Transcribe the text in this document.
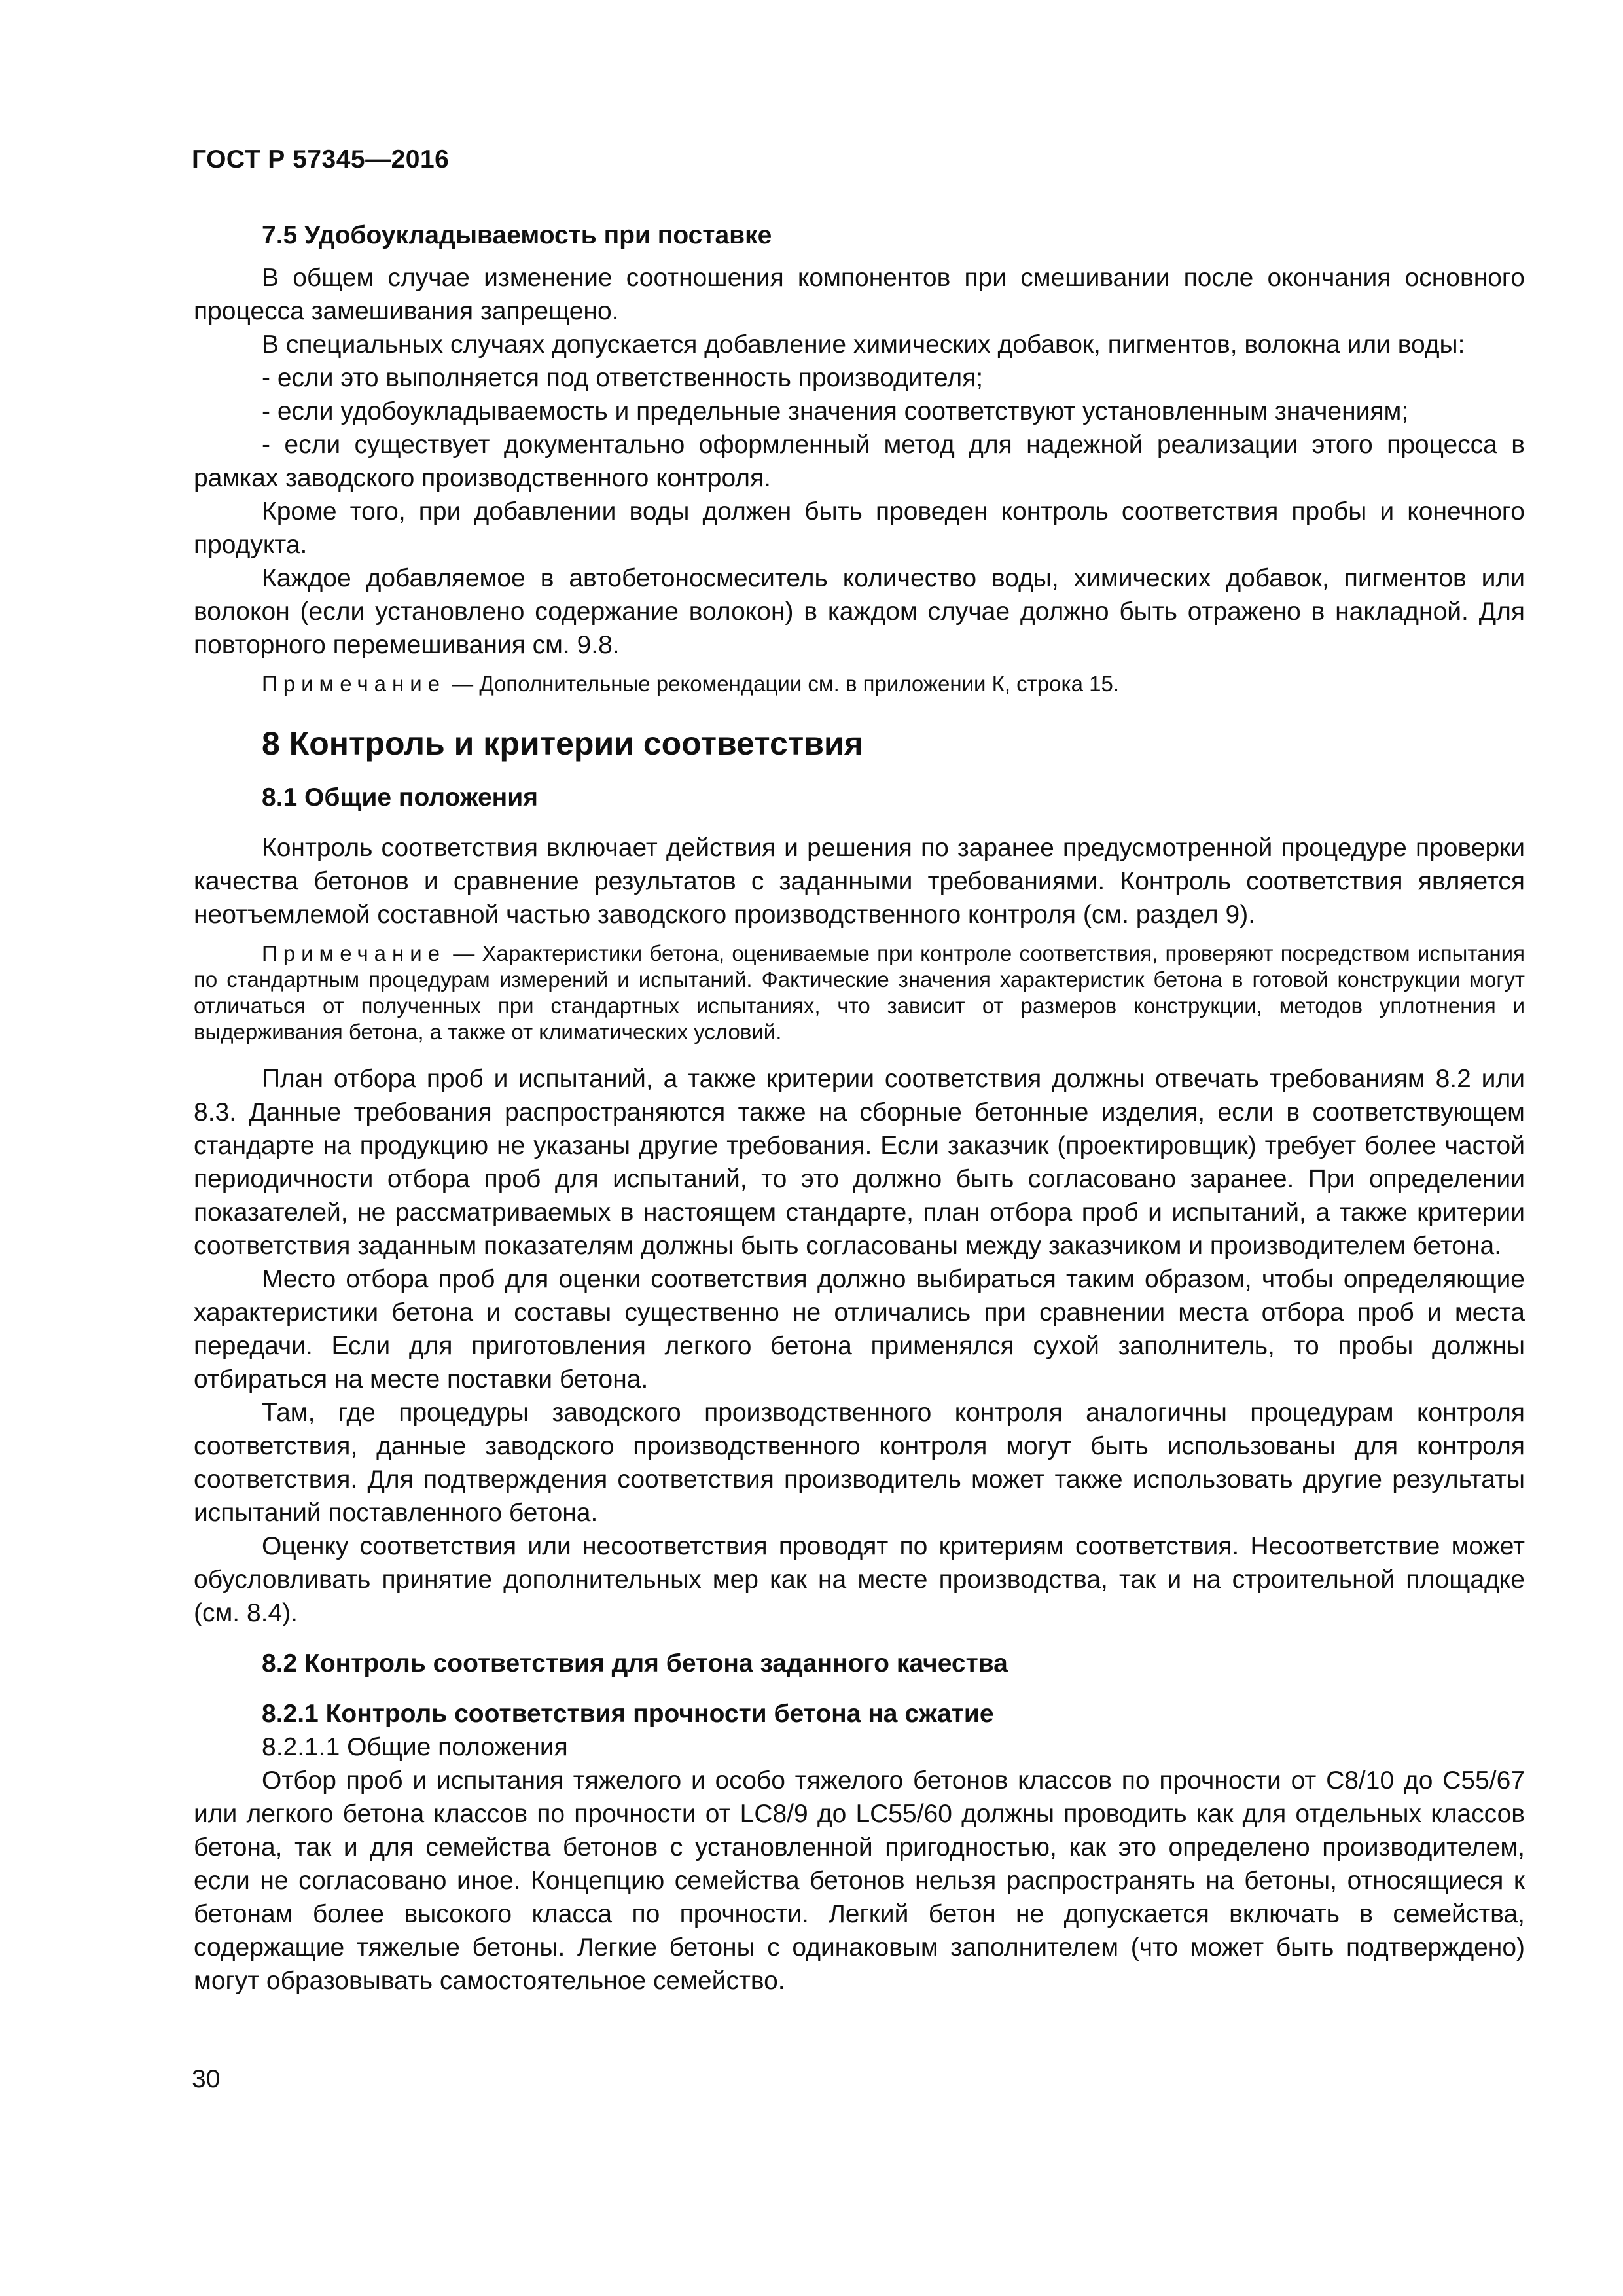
ГОСТ Р 57345—2016

7.5 Удобоукладываемость при поставке

В общем случае изменение соотношения компонентов при смешивании после окончания основного процесса замешивания запрещено.

В специальных случаях допускается добавление химических добавок, пигментов, волокна или воды:

- если это выполняется под ответственность производителя;

- если удобоукладываемость и предельные значения соответствуют установленным значениям;

- если существует документально оформленный метод для надежной реализации этого процесса в рамках заводского производственного контроля.

Кроме того, при добавлении воды должен быть проведен контроль соответствия пробы и конечного продукта.

Каждое добавляемое в автобетоносмеситель количество воды, химических добавок, пигментов или волокон (если установлено содержание волокон) в каждом случае должно быть отражено в накладной. Для повторного перемешивания см. 9.8.

Примечание — Дополнительные рекомендации см. в приложении К, строка 15.

8 Контроль и критерии соответствия

8.1 Общие положения

Контроль соответствия включает действия и решения по заранее предусмотренной процедуре проверки качества бетонов и сравнение результатов с заданными требованиями. Контроль соответствия является неотъемлемой составной частью заводского производственного контроля (см. раздел 9).

Примечание — Характеристики бетона, оцениваемые при контроле соответствия, проверяют посредством испытания по стандартным процедурам измерений и испытаний. Фактические значения характеристик бетона в готовой конструкции могут отличаться от полученных при стандартных испытаниях, что зависит от размеров конструкции, методов уплотнения и выдерживания бетона, а также от климатических условий.

План отбора проб и испытаний, а также критерии соответствия должны отвечать требованиям 8.2 или 8.3. Данные требования распространяются также на сборные бетонные изделия, если в соответствующем стандарте на продукцию не указаны другие требования. Если заказчик (проектировщик) требует более частой периодичности отбора проб для испытаний, то это должно быть согласовано заранее. При определении показателей, не рассматриваемых в настоящем стандарте, план отбора проб и испытаний, а также критерии соответствия заданным показателям должны быть согласованы между заказчиком и производителем бетона.

Место отбора проб для оценки соответствия должно выбираться таким образом, чтобы определяющие характеристики бетона и составы существенно не отличались при сравнении места отбора проб и места передачи. Если для приготовления легкого бетона применялся сухой заполнитель, то пробы должны отбираться на месте поставки бетона.

Там, где процедуры заводского производственного контроля аналогичны процедурам контроля соответствия, данные заводского производственного контроля могут быть использованы для контроля соответствия. Для подтверждения соответствия производитель может также использовать другие результаты испытаний поставленного бетона.

Оценку соответствия или несоответствия проводят по критериям соответствия. Несоответствие может обусловливать принятие дополнительных мер как на месте производства, так и на строительной площадке (см. 8.4).

8.2 Контроль соответствия для бетона заданного качества

8.2.1 Контроль соответствия прочности бетона на сжатие

8.2.1.1 Общие положения

Отбор проб и испытания тяжелого и особо тяжелого бетонов классов по прочности от С8/10 до С55/67 или легкого бетона классов по прочности от LC8/9 до LC55/60 должны проводить как для отдельных классов бетона, так и для семейства бетонов с установленной пригодностью, как это определено производителем, если не согласовано иное. Концепцию семейства бетонов нельзя распространять на бетоны, относящиеся к бетонам более высокого класса по прочности. Легкий бетон не допускается включать в семейства, содержащие тяжелые бетоны. Легкие бетоны с одинаковым заполнителем (что может быть подтверждено) могут образовывать самостоятельное семейство.

30
